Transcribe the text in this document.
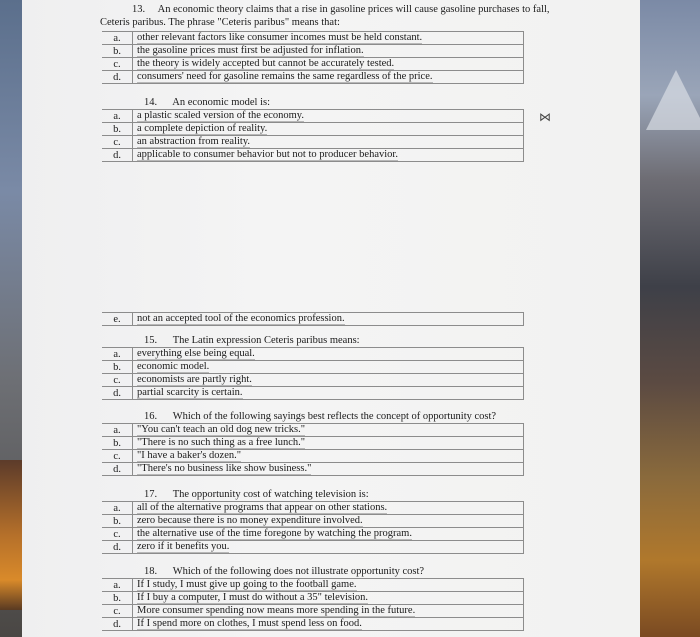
13. An economic theory claims that a rise in gasoline prices will cause gasoline purchases to fall,
Ceteris paribus. The phrase "Ceteris paribus" means that:
a.	other relevant factors like consumer incomes must be held constant.
b.	the gasoline prices must first be adjusted for inflation.
c.	the theory is widely accepted but cannot be accurately tested.
d.	consumers' need for gasoline remains the same regardless of the price.
14. An economic model is:
a.	a plastic scaled version of the economy.
b.	a complete depiction of reality.
c.	an abstraction from reality.
d.	applicable to consumer behavior but not to producer behavior.
⋈
e.	not an accepted tool of the economics profession.
15. The Latin expression Ceteris paribus means:
a.	everything else being equal.
b.	economic model.
c.	economists are partly right.
d.	partial scarcity is certain.
16. Which of the following sayings best reflects the concept of opportunity cost?
a.	"You can't teach an old dog new tricks."
b.	"There is no such thing as a free lunch."
c.	"I have a baker's dozen."
d.	"There's no business like show business."
17. The opportunity cost of watching television is:
a.	all of the alternative programs that appear on other stations.
b.	zero because there is no money expenditure involved.
c.	the alternative use of the time foregone by watching the program.
d.	zero if it benefits you.
18. Which of the following does not illustrate opportunity cost?
a.	If I study, I must give up going to the football game.
b.	If I buy a computer, I must do without a 35" television.
c.	More consumer spending now means more spending in the future.
d.	If I spend more on clothes, I must spend less on food.
